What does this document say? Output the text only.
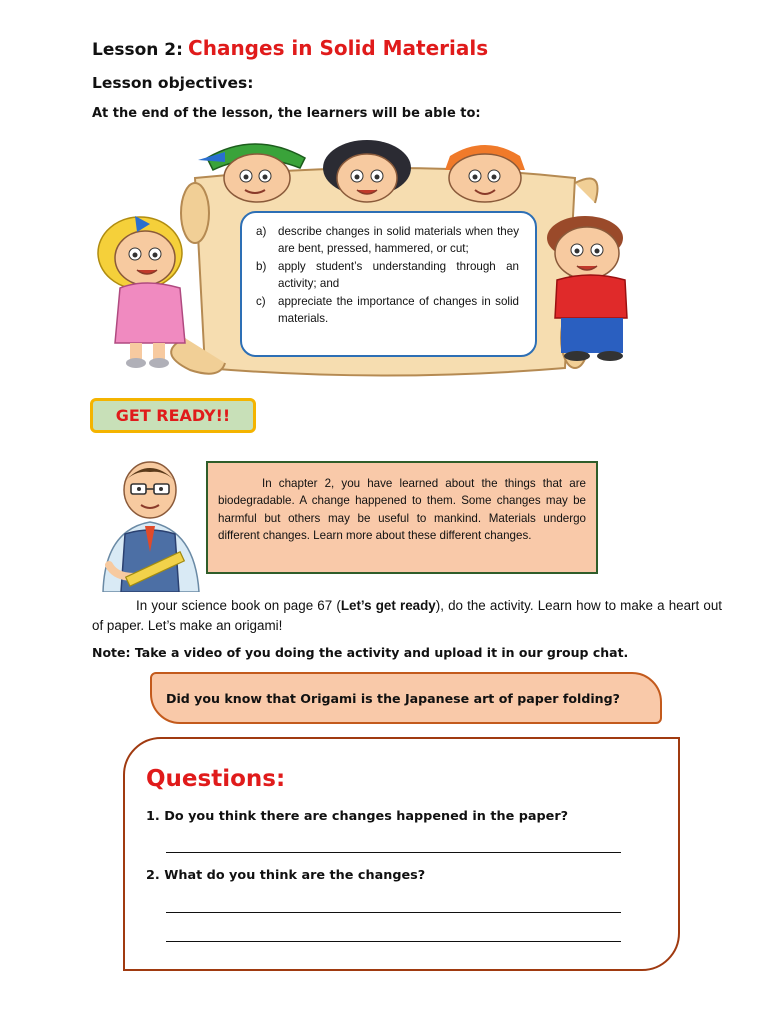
Lesson 2: Changes in Solid Materials
Lesson objectives:
At the end of the lesson, the learners will be able to:
a) describe changes in solid materials when they are bent, pressed, hammered, or cut;
b) apply student’s understanding through an activity; and
c) appreciate the importance of changes in solid materials.
GET READY!!
In chapter 2, you have learned about the things that are biodegradable. A change happened to them. Some changes may be harmful but others may be useful to mankind. Materials undergo different changes. Learn more about these different changes.
In your science book on page 67 (Let’s get ready), do the activity. Learn how to make a heart out of paper. Let’s make an origami!
Note: Take a video of you doing the activity and upload it in our group chat.
Did you know that Origami is the Japanese art of paper folding?
Questions:
1. Do you think there are changes happened in the paper?
2. What do you think are the changes?
